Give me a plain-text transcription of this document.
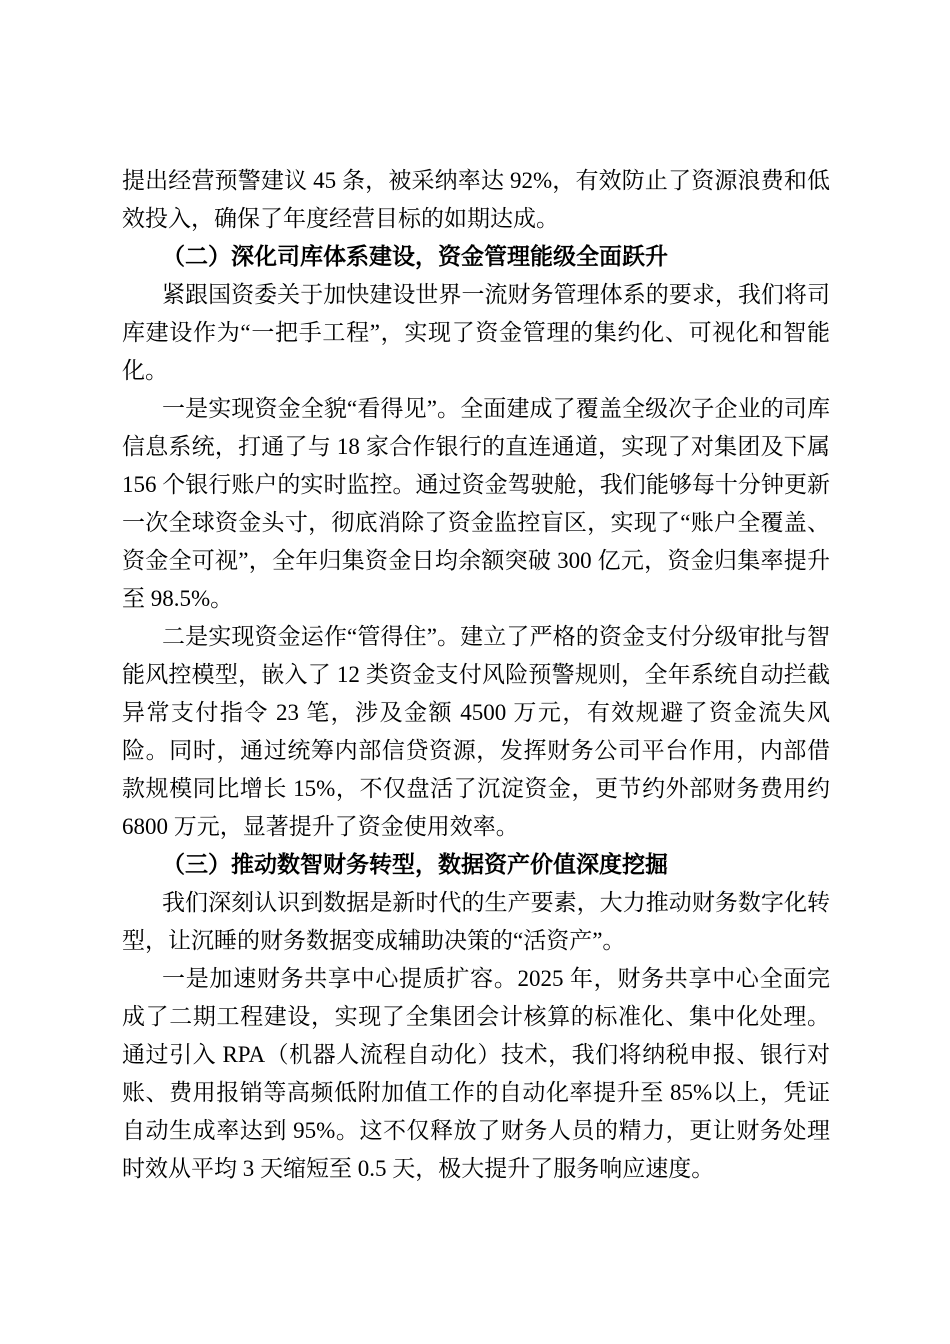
提出经营预警建议 45 条，被采纳率达 92%，有效防止了资源浪费和低效投入，确保了年度经营目标的如期达成。

（二）深化司库体系建设，资金管理能级全面跃升

紧跟国资委关于加快建设世界一流财务管理体系的要求，我们将司库建设作为“一把手工程”，实现了资金管理的集约化、可视化和智能化。

一是实现资金全貌“看得见”。全面建成了覆盖全级次子企业的司库信息系统，打通了与 18 家合作银行的直连通道，实现了对集团及下属 156 个银行账户的实时监控。通过资金驾驶舱，我们能够每十分钟更新一次全球资金头寸，彻底消除了资金监控盲区，实现了“账户全覆盖、资金全可视”，全年归集资金日均余额突破 300 亿元，资金归集率提升至 98.5%。

二是实现资金运作“管得住”。建立了严格的资金支付分级审批与智能风控模型，嵌入了 12 类资金支付风险预警规则，全年系统自动拦截异常支付指令 23 笔，涉及金额 4500 万元，有效规避了资金流失风险。同时，通过统筹内部信贷资源，发挥财务公司平台作用，内部借款规模同比增长 15%，不仅盘活了沉淀资金，更节约外部财务费用约 6800 万元，显著提升了资金使用效率。

（三）推动数智财务转型，数据资产价值深度挖掘

我们深刻认识到数据是新时代的生产要素，大力推动财务数字化转型，让沉睡的财务数据变成辅助决策的“活资产”。

一是加速财务共享中心提质扩容。2025 年，财务共享中心全面完成了二期工程建设，实现了全集团会计核算的标准化、集中化处理。通过引入 RPA（机器人流程自动化）技术，我们将纳税申报、银行对账、费用报销等高频低附加值工作的自动化率提升至 85%以上，凭证自动生成率达到 95%。这不仅释放了财务人员的精力，更让财务处理时效从平均 3 天缩短至 0.5 天，极大提升了服务响应速度。
